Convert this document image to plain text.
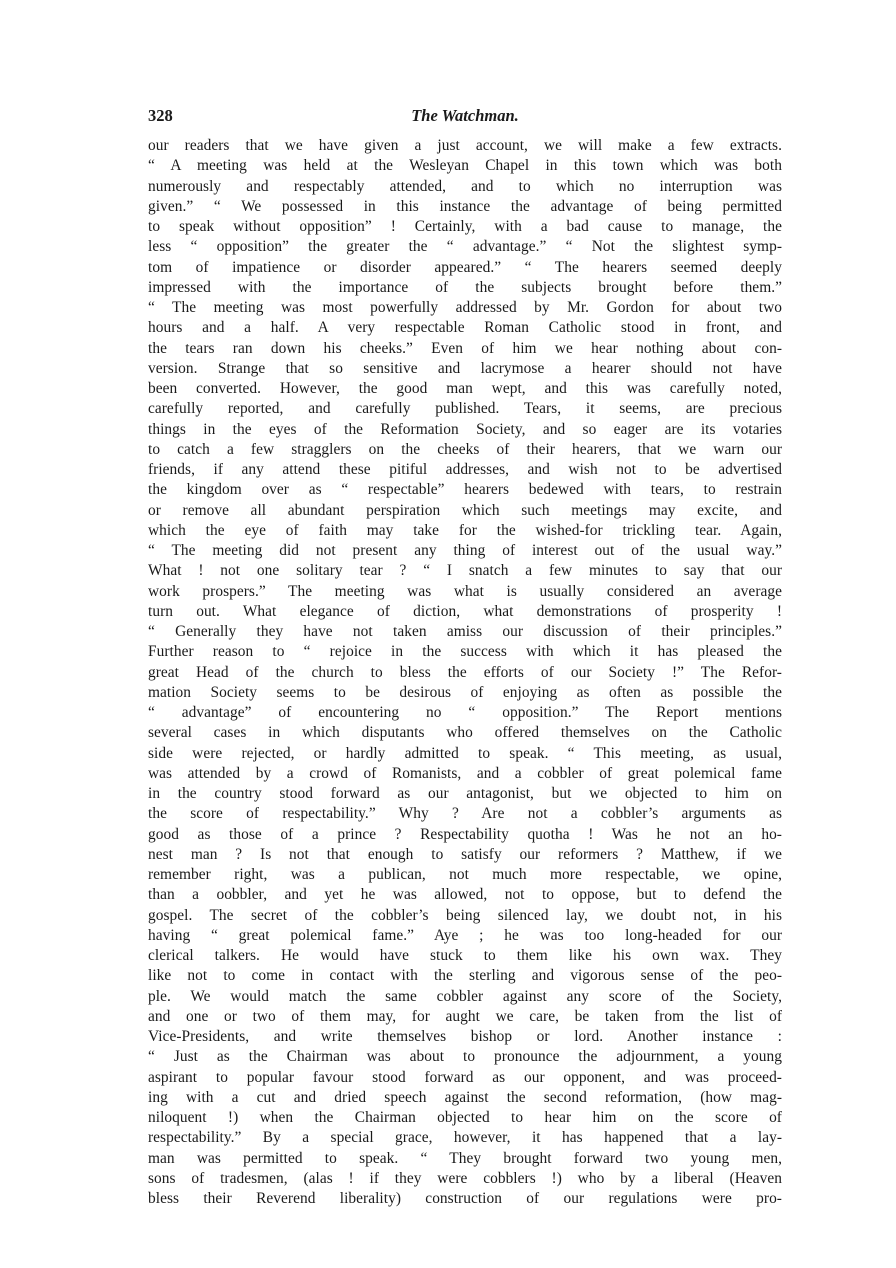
328	The Watchman.
our readers that we have given a just account, we will make a few extracts.
“ A meeting was held at the Wesleyan Chapel in this town which was both
numerously and respectably attended, and to which no interruption was
given.” “ We possessed in this instance the advantage of being permitted
to speak without opposition” ! Certainly, with a bad cause to manage, the
less “ opposition” the greater the “ advantage.” “ Not the slightest symp-
tom of impatience or disorder appeared.” “ The hearers seemed deeply
impressed with the importance of the subjects brought before them.”
“ The meeting was most powerfully addressed by Mr. Gordon for about two
hours and a half. A very respectable Roman Catholic stood in front, and
the tears ran down his cheeks.” Even of him we hear nothing about con-
version. Strange that so sensitive and lacrymose a hearer should not have
been converted. However, the good man wept, and this was carefully noted,
carefully reported, and carefully published. Tears, it seems, are precious
things in the eyes of the Reformation Society, and so eager are its votaries
to catch a few stragglers on the cheeks of their hearers, that we warn our
friends, if any attend these pitiful addresses, and wish not to be advertised
the kingdom over as “ respectable” hearers bedewed with tears, to restrain
or remove all abundant perspiration which such meetings may excite, and
which the eye of faith may take for the wished-for trickling tear. Again,
“ The meeting did not present any thing of interest out of the usual way.”
What ! not one solitary tear ? “ I snatch a few minutes to say that our
work prospers.” The meeting was what is usually considered an average
turn out. What elegance of diction, what demonstrations of prosperity !
“ Generally they have not taken amiss our discussion of their principles.”
Further reason to “ rejoice in the success with which it has pleased the
great Head of the church to bless the efforts of our Society !” The Refor-
mation Society seems to be desirous of enjoying as often as possible the
“ advantage” of encountering no “ opposition.” The Report mentions
several cases in which disputants who offered themselves on the Catholic
side were rejected, or hardly admitted to speak. “ This meeting, as usual,
was attended by a crowd of Romanists, and a cobbler of great polemical fame
in the country stood forward as our antagonist, but we objected to him on
the score of respectability.” Why ? Are not a cobbler’s arguments as
good as those of a prince ? Respectability quotha ! Was he not an ho-
nest man ? Is not that enough to satisfy our reformers ? Matthew, if we
remember right, was a publican, not much more respectable, we opine,
than a oobbler, and yet he was allowed, not to oppose, but to defend the
gospel. The secret of the cobbler’s being silenced lay, we doubt not, in his
having “ great polemical fame.” Aye ; he was too long-headed for our
clerical talkers. He would have stuck to them like his own wax. They
like not to come in contact with the sterling and vigorous sense of the peo-
ple. We would match the same cobbler against any score of the Society,
and one or two of them may, for aught we care, be taken from the list of
Vice-Presidents, and write themselves bishop or lord. Another instance :
“ Just as the Chairman was about to pronounce the adjournment, a young
aspirant to popular favour stood forward as our opponent, and was proceed-
ing with a cut and dried speech against the second reformation, (how mag-
niloquent !) when the Chairman objected to hear him on the score of
respectability.” By a special grace, however, it has happened that a lay-
man was permitted to speak. “ They brought forward two young men,
sons of tradesmen, (alas ! if they were cobblers !) who by a liberal (Heaven
bless their Reverend liberality) construction of our regulations were pro-
